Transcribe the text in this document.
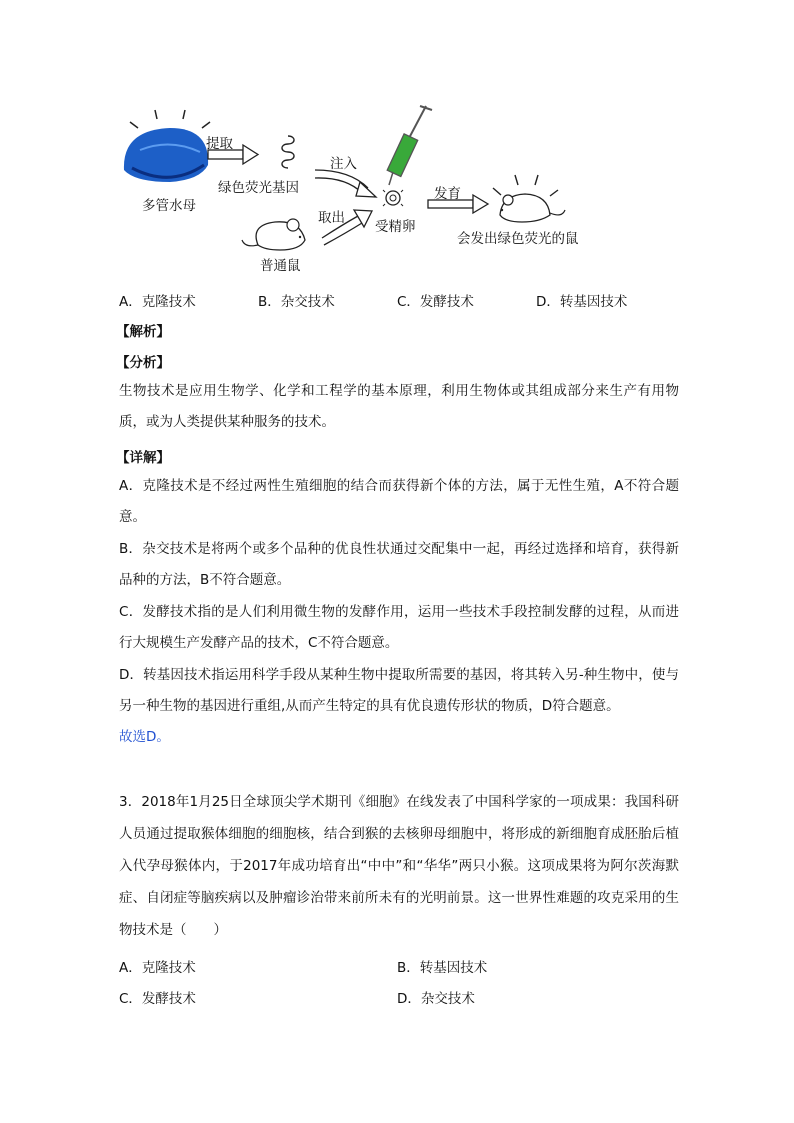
提取
多管水母
绿色荧光基因
注入
取出
受精卵
发育
普通鼠
会发出绿色荧光的鼠
A．克隆技术	B．杂交技术	C．发酵技术	D．转基因技术
【解析】
【分析】
生物技术是应用生物学、化学和工程学的基本原理，利用生物体或其组成部分来生产有用物质，或为人类提供某种服务的技术。
【详解】
A．克隆技术是不经过两性生殖细胞的结合而获得新个体的方法，属于无性生殖，A不符合题意。
B．杂交技术是将两个或多个品种的优良性状通过交配集中一起，再经过选择和培育，获得新品种的方法，B不符合题意。
C．发酵技术指的是人们利用微生物的发酵作用，运用一些技术手段控制发酵的过程，从而进行大规模生产发酵产品的技术，C不符合题意。
D．转基因技术指运用科学手段从某种生物中提取所需要的基因，将其转入另-种生物中，使与另一种生物的基因进行重组,从而产生特定的具有优良遗传形状的物质，D符合题意。
故选D。
3．2018年1月25日全球顶尖学术期刊《细胞》在线发表了中国科学家的一项成果：我国科研人员通过提取猴体细胞的细胞核，结合到猴的去核卵母细胞中，将形成的新细胞育成胚胎后植入代孕母猴体内，于2017年成功培育出“中中”和“华华”两只小猴。这项成果将为阿尔茨海默症、自闭症等脑疾病以及肿瘤诊治带来前所未有的光明前景。这一世界性难题的攻克采用的生物技术是（　　）
A．克隆技术	B．转基因技术
C．发酵技术	D．杂交技术
